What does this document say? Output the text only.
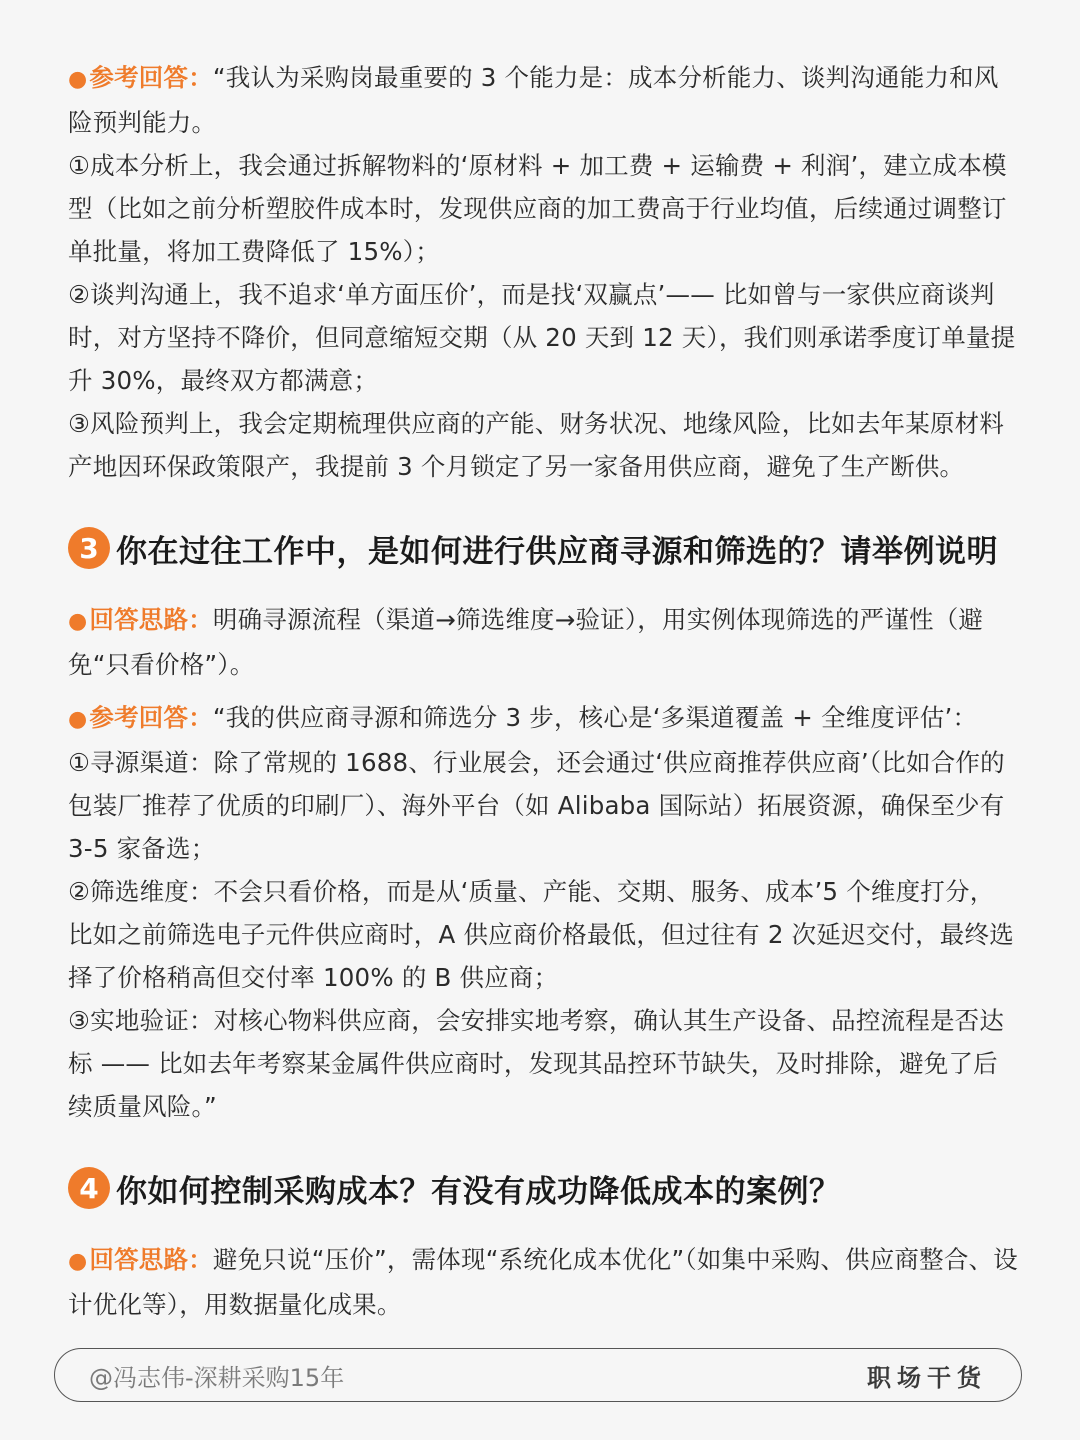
●参考回答：“我认为采购岗最重要的 3 个能力是：成本分析能力、谈判沟通能力和风险预判能力。

①成本分析上，我会通过拆解物料的‘原材料 + 加工费 + 运输费 + 利润’，建立成本模型（比如之前分析塑胶件成本时，发现供应商的加工费高于行业均值，后续通过调整订单批量，将加工费降低了 15%）；

②谈判沟通上，我不追求‘单方面压价’，而是找‘双赢点’—— 比如曾与一家供应商谈判时，对方坚持不降价，但同意缩短交期（从 20 天到 12 天），我们则承诺季度订单量提升 30%，最终双方都满意；

③风险预判上，我会定期梳理供应商的产能、财务状况、地缘风险，比如去年某原材料产地因环保政策限产，我提前 3 个月锁定了另一家备用供应商，避免了生产断供。

3 你在过往工作中，是如何进行供应商寻源和筛选的？请举例说明

●回答思路：明确寻源流程（渠道→筛选维度→验证），用实例体现筛选的严谨性（避免“只看价格”）。

●参考回答：“我的供应商寻源和筛选分 3 步，核心是‘多渠道覆盖 + 全维度评估’：

①寻源渠道：除了常规的 1688、行业展会，还会通过‘供应商推荐供应商’（比如合作的包装厂推荐了优质的印刷厂）、海外平台（如 Alibaba 国际站）拓展资源，确保至少有 3-5 家备选；

②筛选维度：不会只看价格，而是从‘质量、产能、交期、服务、成本’5 个维度打分，比如之前筛选电子元件供应商时，A 供应商价格最低，但过往有 2 次延迟交付，最终选择了价格稍高但交付率 100% 的 B 供应商；

③实地验证：对核心物料供应商，会安排实地考察，确认其生产设备、品控流程是否达标 —— 比如去年考察某金属件供应商时，发现其品控环节缺失，及时排除，避免了后续质量风险。”

4 你如何控制采购成本？有没有成功降低成本的案例？

●回答思路：避免只说“压价”，需体现“系统化成本优化”（如集中采购、供应商整合、设计优化等），用数据量化成果。

@冯志伟-深耕采购15年	职场干货
